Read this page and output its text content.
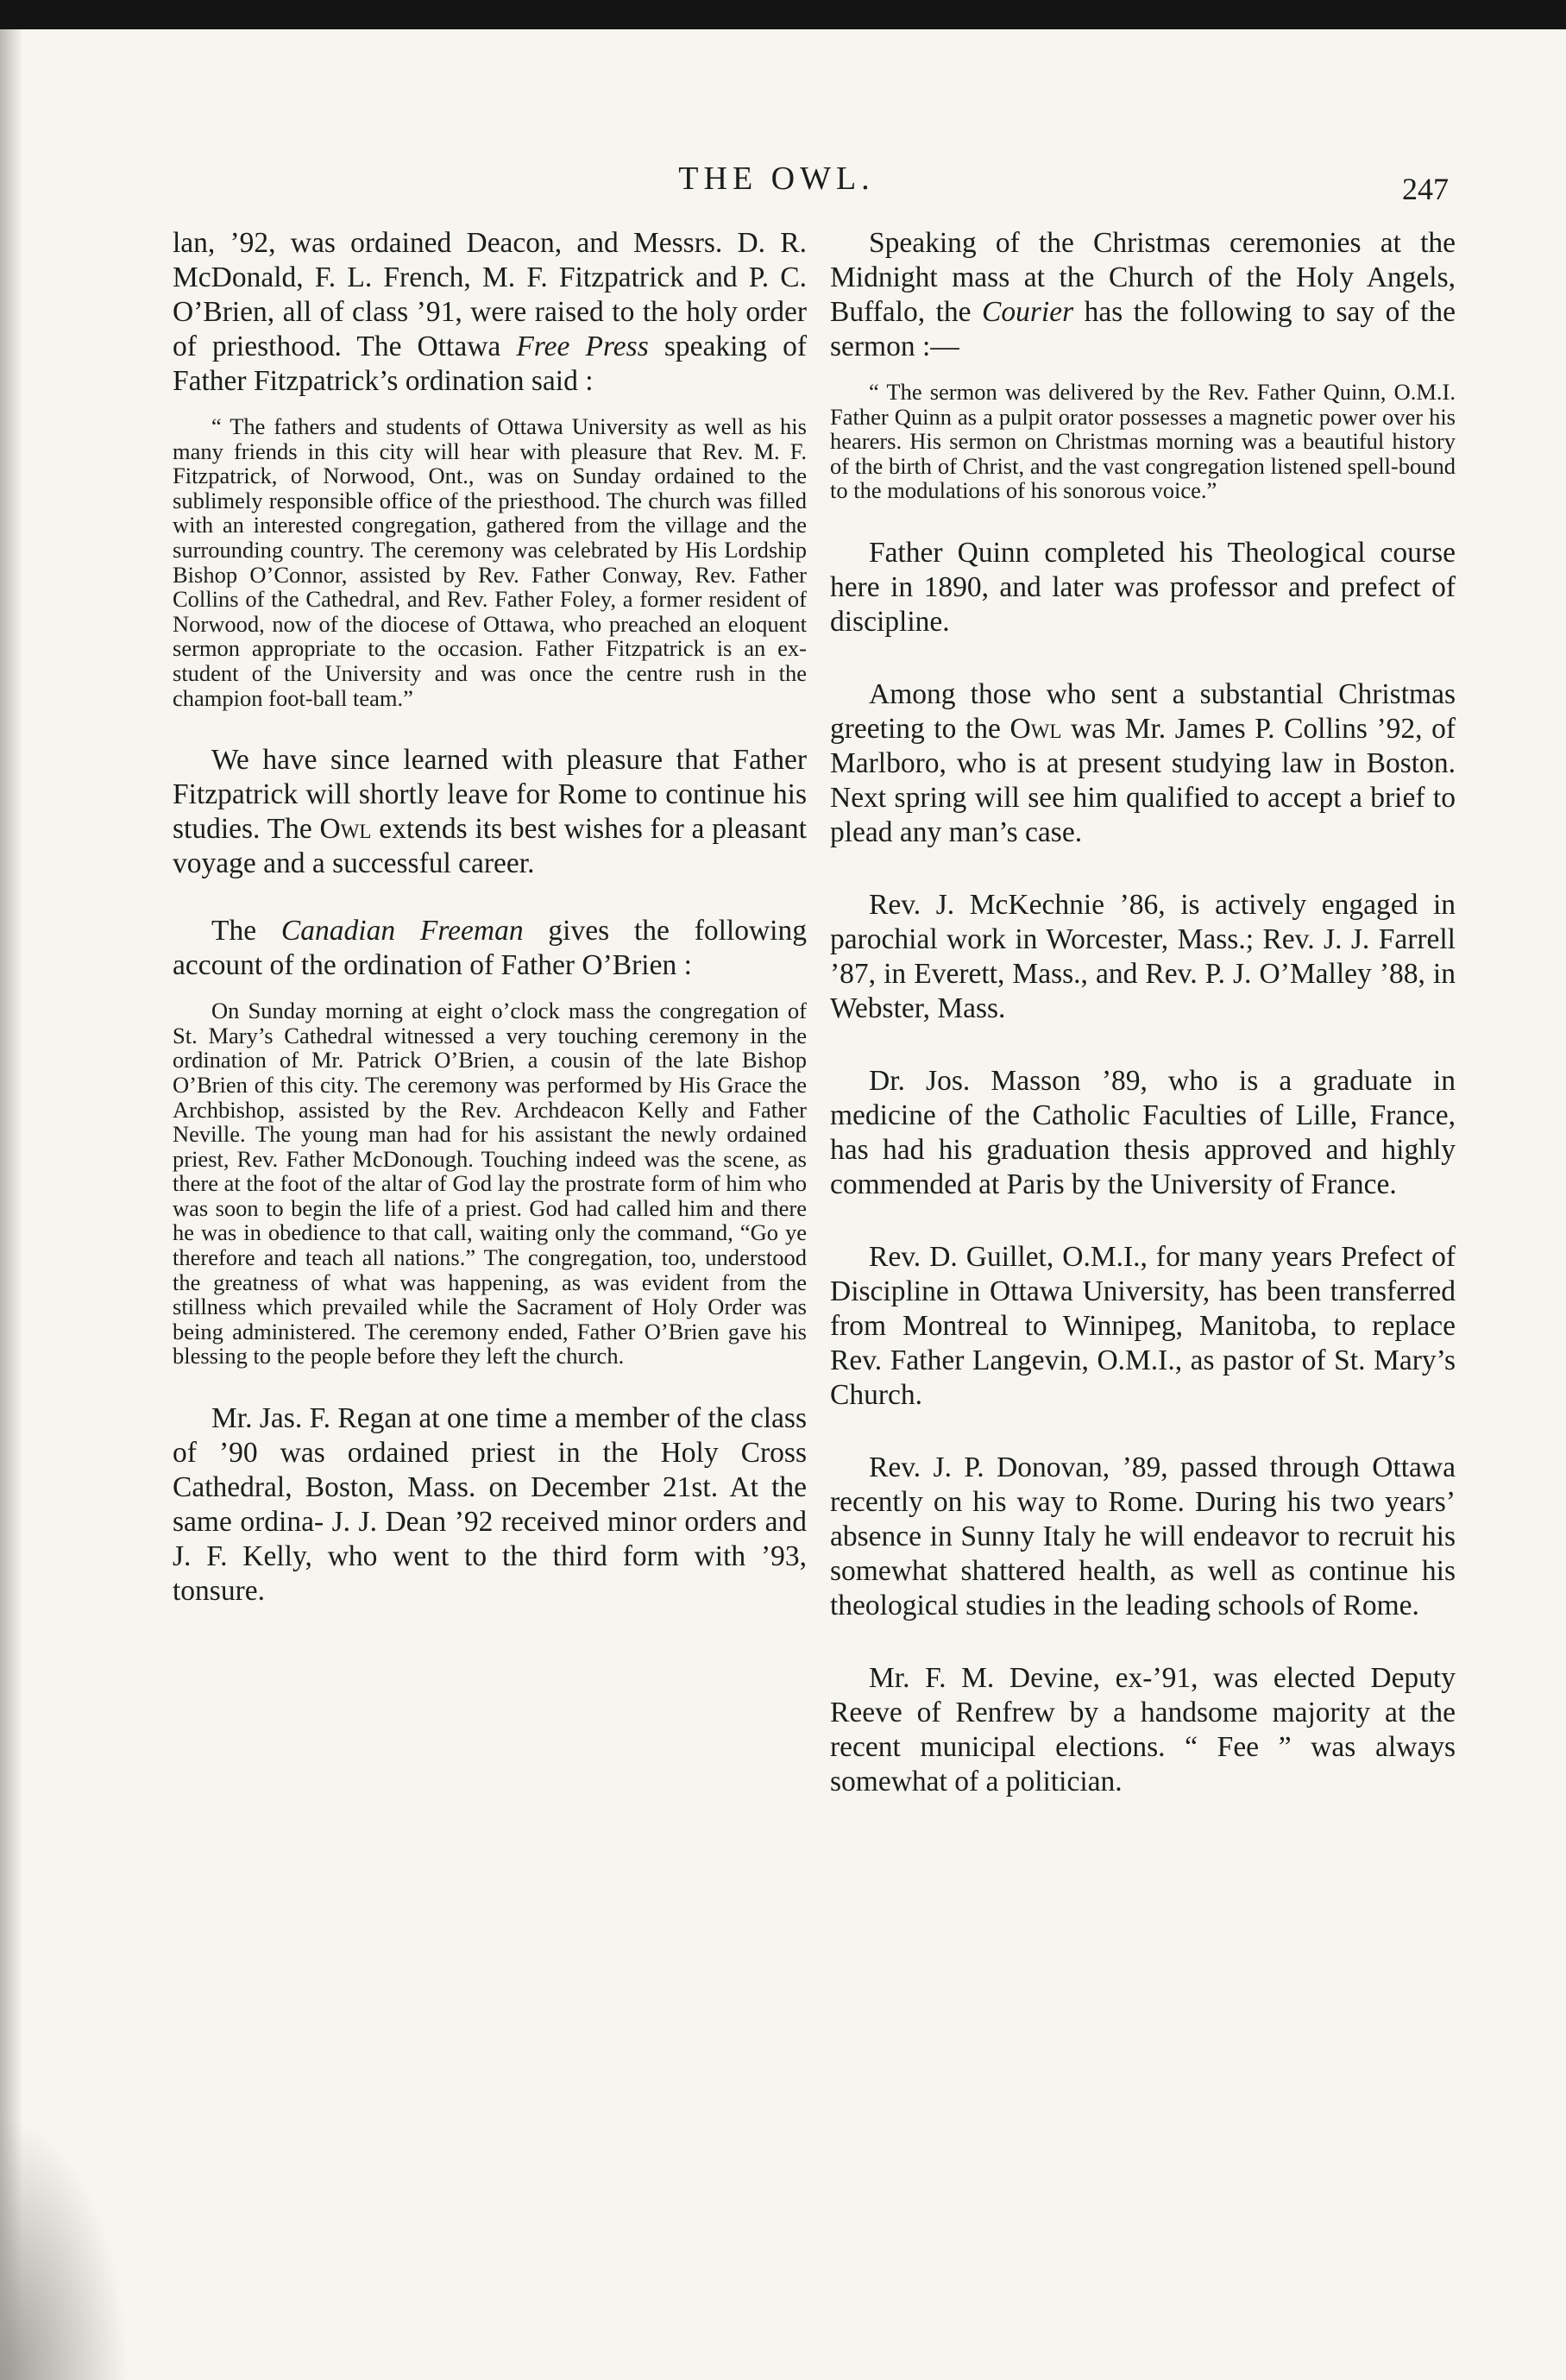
THE OWL.	247

lan, ’92, was ordained Deacon, and Messrs. D. R. McDonald, F. L. French, M. F. Fitzpatrick and P. C. O’Brien, all of class ’91, were raised to the holy order of priesthood. The Ottawa Free Press speaking of Father Fitzpatrick’s ordination said :

“ The fathers and students of Ottawa University as well as his many friends in this city will hear with pleasure that Rev. M. F. Fitzpatrick, of Norwood, Ont., was on Sunday ordained to the sublimely responsible office of the priesthood. The church was filled with an interested congregation, gathered from the village and the surrounding country. The ceremony was celebrated by His Lordship Bishop O’Connor, assisted by Rev. Father Conway, Rev. Father Collins of the Cathedral, and Rev. Father Foley, a former resident of Norwood, now of the diocese of Ottawa, who preached an eloquent sermon appropriate to the occasion. Father Fitzpatrick is an ex-student of the University and was once the centre rush in the champion foot-ball team.”

We have since learned with pleasure that Father Fitzpatrick will shortly leave for Rome to continue his studies. The Owl extends its best wishes for a pleasant voyage and a successful career.

The Canadian Freeman gives the following account of the ordination of Father O’Brien :

On Sunday morning at eight o’clock mass the congregation of St. Mary’s Cathedral witnessed a very touching ceremony in the ordination of Mr. Patrick O’Brien, a cousin of the late Bishop O’Brien of this city. The ceremony was performed by His Grace the Archbishop, assisted by the Rev. Archdeacon Kelly and Father Neville. The young man had for his assistant the newly ordained priest, Rev. Father McDonough. Touching indeed was the scene, as there at the foot of the altar of God lay the prostrate form of him who was soon to begin the life of a priest. God had called him and there he was in obedience to that call, waiting only the command, “Go ye therefore and teach all nations.” The congregation, too, understood the greatness of what was happening, as was evident from the stillness which prevailed while the Sacrament of Holy Order was being administered. The ceremony ended, Father O’Brien gave his blessing to the people before they left the church.

Mr. Jas. F. Regan at one time a member of the class of ’90 was ordained priest in the Holy Cross Cathedral, Boston, Mass. on December 21st. At the same ordina- J. J. Dean ’92 received minor orders and J. F. Kelly, who went to the third form with ’93, tonsure.

Speaking of the Christmas ceremonies at the Midnight mass at the Church of the Holy Angels, Buffalo, the Courier has the following to say of the sermon :—

“ The sermon was delivered by the Rev. Father Quinn, O.M.I. Father Quinn as a pulpit orator possesses a magnetic power over his hearers. His sermon on Christmas morning was a beautiful history of the birth of Christ, and the vast congregation listened spell-bound to the modulations of his sonorous voice.”

Father Quinn completed his Theological course here in 1890, and later was professor and prefect of discipline.

Among those who sent a substantial Christmas greeting to the Owl was Mr. James P. Collins ’92, of Marlboro, who is at present studying law in Boston. Next spring will see him qualified to accept a brief to plead any man’s case.

Rev. J. McKechnie ’86, is actively engaged in parochial work in Worcester, Mass.; Rev. J. J. Farrell ’87, in Everett, Mass., and Rev. P. J. O’Malley ’88, in Webster, Mass.

Dr. Jos. Masson ’89, who is a graduate in medicine of the Catholic Faculties of Lille, France, has had his graduation thesis approved and highly commended at Paris by the University of France.

Rev. D. Guillet, O.M.I., for many years Prefect of Discipline in Ottawa University, has been transferred from Montreal to Winnipeg, Manitoba, to replace Rev. Father Langevin, O.M.I., as pastor of St. Mary’s Church.

Rev. J. P. Donovan, ’89, passed through Ottawa recently on his way to Rome. During his two years’ absence in Sunny Italy he will endeavor to recruit his somewhat shattered health, as well as continue his theological studies in the leading schools of Rome.

Mr. F. M. Devine, ex-’91, was elected Deputy Reeve of Renfrew by a handsome majority at the recent municipal elections. “ Fee ” was always somewhat of a politician.
